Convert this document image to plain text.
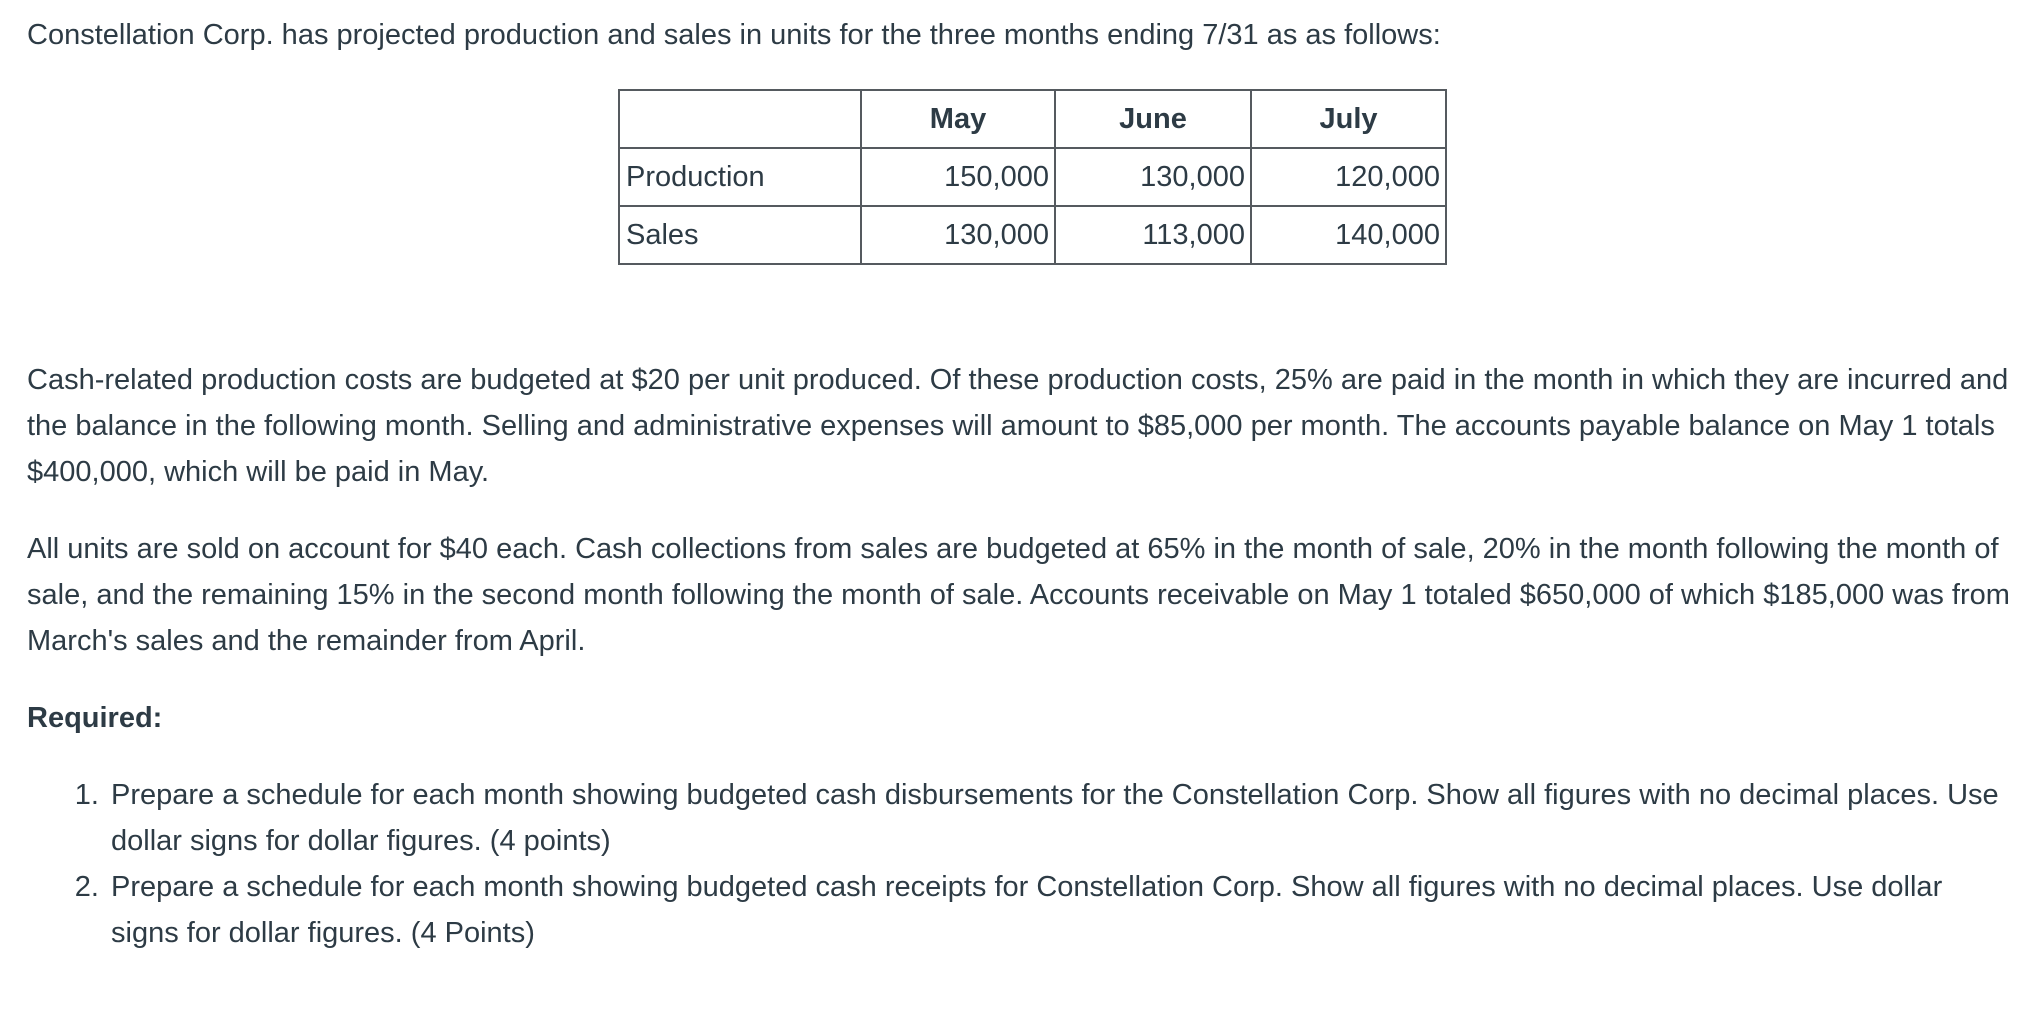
Constellation Corp. has projected production and sales in units for the three months ending 7/31 as as follows:

	May	June	July
Production	150,000	130,000	120,000
Sales	130,000	113,000	140,000

Cash-related production costs are budgeted at $20 per unit produced. Of these production costs, 25% are paid in the month in which they are incurred and the balance in the following month. Selling and administrative expenses will amount to $85,000 per month. The accounts payable balance on May 1 totals $400,000, which will be paid in May.

All units are sold on account for $40 each. Cash collections from sales are budgeted at 65% in the month of sale, 20% in the month following the month of sale, and the remaining 15% in the second month following the month of sale. Accounts receivable on May 1 totaled $650,000 of which $185,000 was from March's sales and the remainder from April.

Required:

1. Prepare a schedule for each month showing budgeted cash disbursements for the Constellation Corp. Show all figures with no decimal places. Use dollar signs for dollar figures. (4 points)
2. Prepare a schedule for each month showing budgeted cash receipts for Constellation Corp. Show all figures with no decimal places. Use dollar signs for dollar figures. (4 Points)
